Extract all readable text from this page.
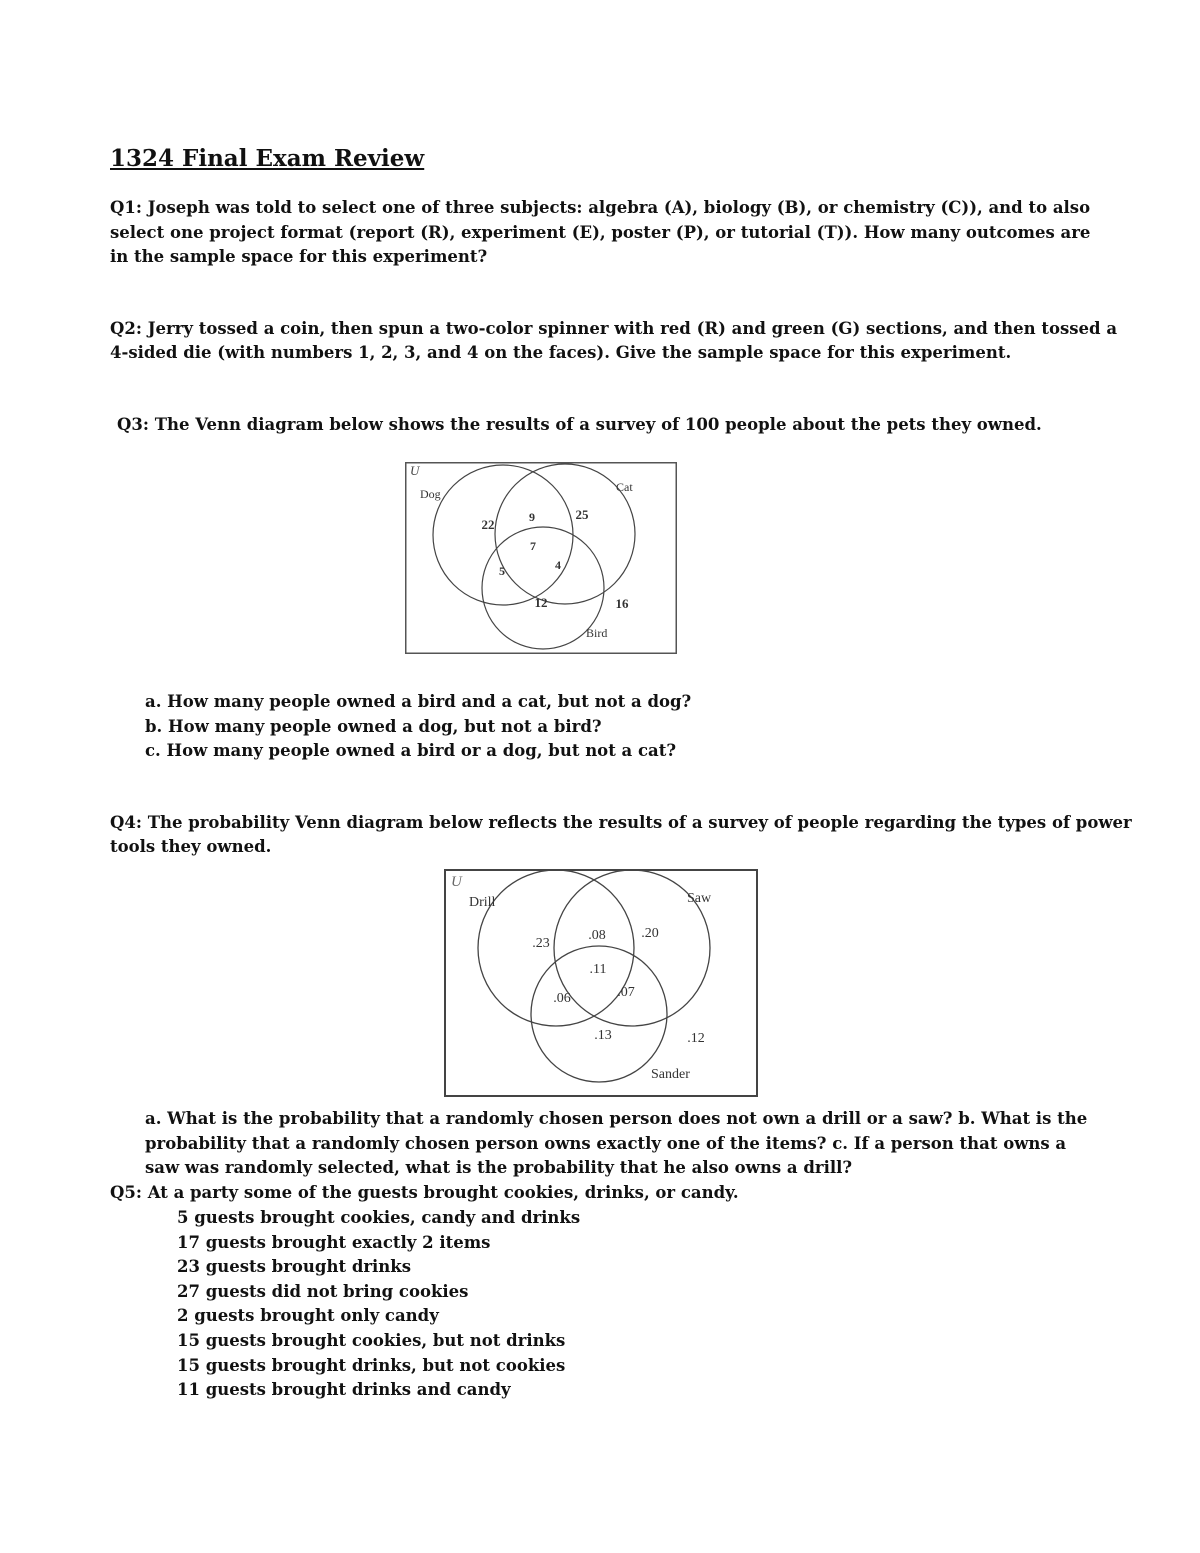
1324 Final Exam Review
Q1: Joseph was told to select one of three subjects: algebra (A), biology (B), or chemistry (C)), and to also select one project format (report (R), experiment (E), poster (P), or tutorial (T)). How many outcomes are in the sample space for this experiment?
Q2: Jerry tossed a coin, then spun a two-color spinner with red (R) and green (G) sections, and then tossed a
4-sided die (with numbers 1, 2, 3, and 4 on the faces). Give the sample space for this experiment.
Q3: The Venn diagram below shows the results of a survey of 100 people about the pets they owned.
U
Dog	Cat
Bird
22	9	25
7
5	4
12	16
a. How many people owned a bird and a cat, but not a dog?
b. How many people owned a dog, but not a bird?
c. How many people owned a bird or a dog, but not a cat?
Q4: The probability Venn diagram below reflects the results of a survey of people regarding the types of power
tools they owned.
U
Drill	Saw
Sander
.23
.08	.20
.11
.06	.07
.13	.12
a. What is the probability that a randomly chosen person does not own a drill or a saw? b. What is the
probability that a randomly chosen person owns exactly one of the items? c. If a person that owns a
saw was randomly selected, what is the probability that he also owns a drill?
Q5: At a party some of the guests brought cookies, drinks, or candy.
5 guests brought cookies, candy and drinks
17 guests brought exactly 2 items
23 guests brought drinks
27 guests did not bring cookies
2 guests brought only candy
15 guests brought cookies, but not drinks
15 guests brought drinks, but not cookies
11 guests brought drinks and candy
